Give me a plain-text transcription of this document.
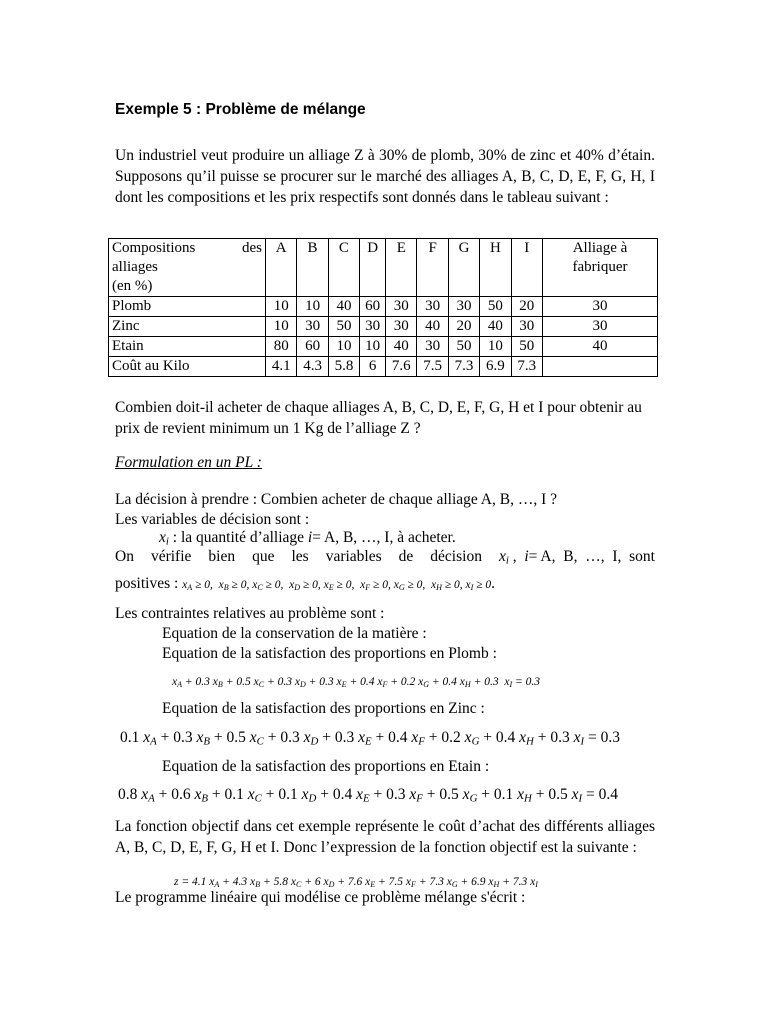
Exemple 5 : Problème de mélange
Un industriel veut produire un alliage Z à 30% de plomb, 30% de zinc et 40% d’étain. Supposons qu’il puisse se procurer sur le marché des alliages A, B, C, D, E, F, G, H, I dont les compositions et les prix respectifs sont donnés dans le tableau suivant :
Compositions des
alliages
(en %)	A	B	C	D	E	F	G	H	I	Alliage à fabriquer
Plomb	10	10	40	60	30	30	30	50	20	30
Zinc	10	30	50	30	30	40	20	40	30	30
Etain	80	60	10	10	40	30	50	10	50	40
Coût au Kilo	4.1	4.3	5.8	6	7.6	7.5	7.3	6.9	7.3	
Combien doit-il acheter de chaque alliages A, B, C, D, E, F, G, H et I pour obtenir au prix de revient minimum un 1 Kg de l’alliage Z ?
Formulation en un PL :
La décision à prendre : Combien acheter de chaque alliage A, B, …, I ?
Les variables de décision sont :
$x_i$ : la quantité d’alliage i= A, B, …, I, à acheter.
On vérifie bien que les variables de décision $x_i$ ,  i= A,  B,  …,  I,  sont
positives : $x_A \ge 0$,  $x_B \ge 0$, $x_C \ge 0$,  $x_D \ge 0$, $x_E \ge 0$,  $x_F \ge 0$, $x_G \ge 0$,  $x_H \ge 0$, $x_I \ge 0$.
Les contraintes relatives au problème sont :
Equation de la conservation de la matière :
Equation de la satisfaction des proportions en Plomb :
$x_A + 0.3$ $x_B + 0.5$ $x_C + 0.3$ $x_D + 0.3$ $x_E + 0.4$ $x_F + 0.2$ $x_G + 0.4$ $x_H + 0.3$  $x_I = 0.3$
Equation de la satisfaction des proportions en Zinc :
0.1 $x_A + 0.3$ $x_B + 0.5$ $x_C + 0.3$ $x_D + 0.3$ $x_E + 0.4$ $x_F + 0.2$ $x_G + 0.4$ $x_H + 0.3$ $x_I = 0.3$
Equation de la satisfaction des proportions en Etain :
0.8 $x_A + 0.6$ $x_B + 0.1$ $x_C + 0.1$ $x_D + 0.4$ $x_E + 0.3$ $x_F + 0.5$ $x_G + 0.1$ $x_H + 0.5$ $x_I = 0.4$
La fonction objectif dans cet exemple représente le coût d’achat des différents alliages A, B, C, D, E, F, G, H et I. Donc l’expression de la fonction objectif est la suivante :
z = 4.1 $x_A + 4.3$ $x_B + 5.8$ $x_C + 6$ $x_D + 7.6$ $x_E + 7.5$ $x_F + 7.3$ $x_G + 6.9$ $x_H + 7.3$ $x_I$
Le programme linéaire qui modélise ce problème mélange s'écrit :
